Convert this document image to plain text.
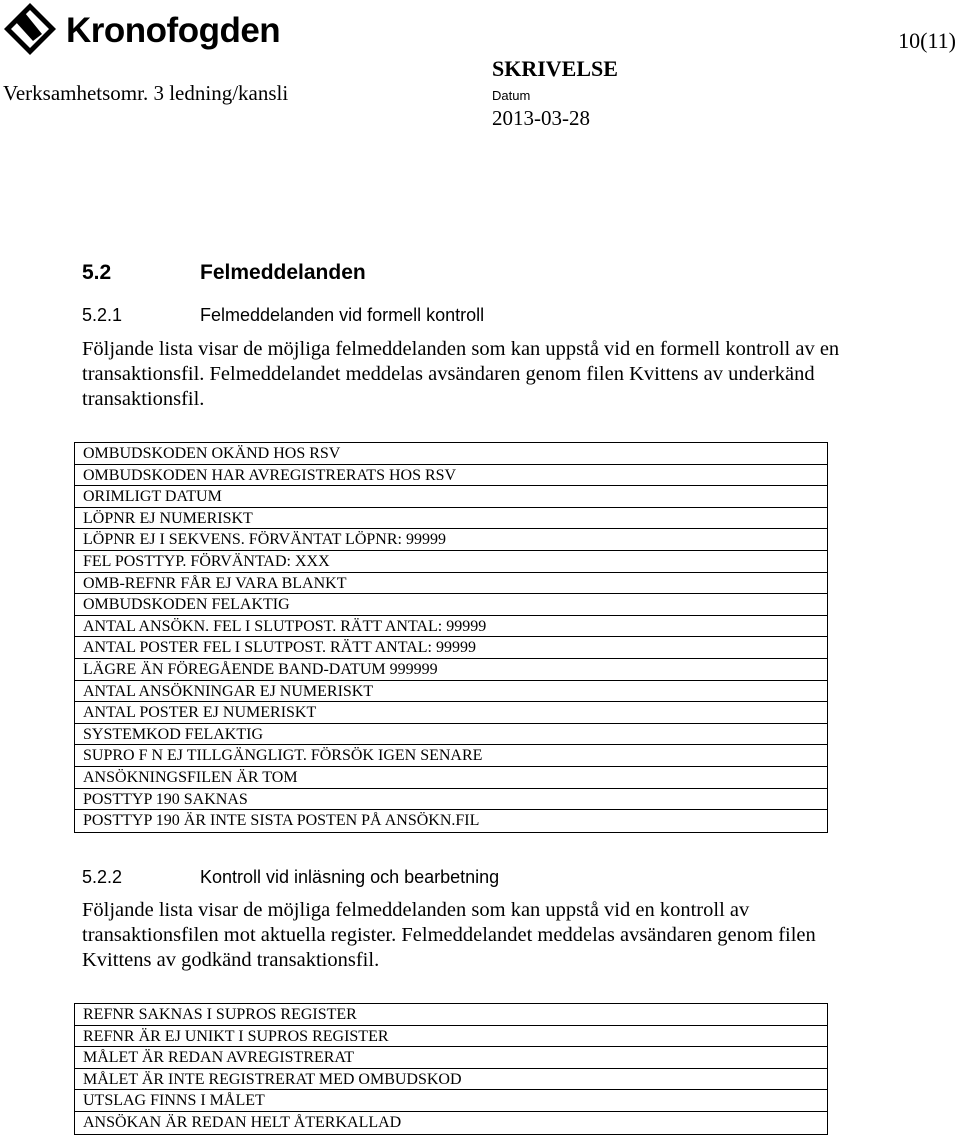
Kronofogden	10(11)
Verksamhetsomr. 3 ledning/kansli
SKRIVELSE
Datum
2013-03-28
5.2	Felmeddelanden
5.2.1	Felmeddelanden vid formell kontroll

Följande lista visar de möjliga felmeddelanden som kan uppstå vid en formell kontroll av en transaktionsfil. Felmeddelandet meddelas avsändaren genom filen Kvittens av underkänd transaktionsfil.

OMBUDSKODEN OKÄND HOS RSV
OMBUDSKODEN HAR AVREGISTRERATS HOS RSV
ORIMLIGT DATUM
LÖPNR EJ NUMERISKT
LÖPNR EJ I SEKVENS. FÖRVÄNTAT LÖPNR: 99999
FEL POSTTYP. FÖRVÄNTAD: XXX
OMB-REFNR FÅR EJ VARA BLANKT
OMBUDSKODEN FELAKTIG
ANTAL ANSÖKN. FEL I SLUTPOST. RÄTT ANTAL: 99999
ANTAL POSTER FEL I SLUTPOST. RÄTT ANTAL: 99999
LÄGRE ÄN FÖREGÅENDE BAND-DATUM 999999
ANTAL ANSÖKNINGAR EJ NUMERISKT
ANTAL POSTER EJ NUMERISKT
SYSTEMKOD FELAKTIG
SUPRO F N EJ TILLGÄNGLIGT. FÖRSÖK IGEN SENARE
ANSÖKNINGSFILEN ÄR TOM
POSTTYP 190 SAKNAS
POSTTYP 190 ÄR INTE SISTA POSTEN PÅ ANSÖKN.FIL
5.2.2	Kontroll vid inläsning och bearbetning

Följande lista visar de möjliga felmeddelanden som kan uppstå vid en kontroll av transaktionsfilen mot aktuella register. Felmeddelandet meddelas avsändaren genom filen Kvittens av godkänd transaktionsfil.

REFNR SAKNAS I SUPROS REGISTER
REFNR ÄR EJ UNIKT I SUPROS REGISTER
MÅLET ÄR REDAN AVREGISTRERAT
MÅLET ÄR INTE REGISTRERAT MED OMBUDSKOD
UTSLAG FINNS I MÅLET
ANSÖKAN ÄR REDAN HELT ÅTERKALLAD
